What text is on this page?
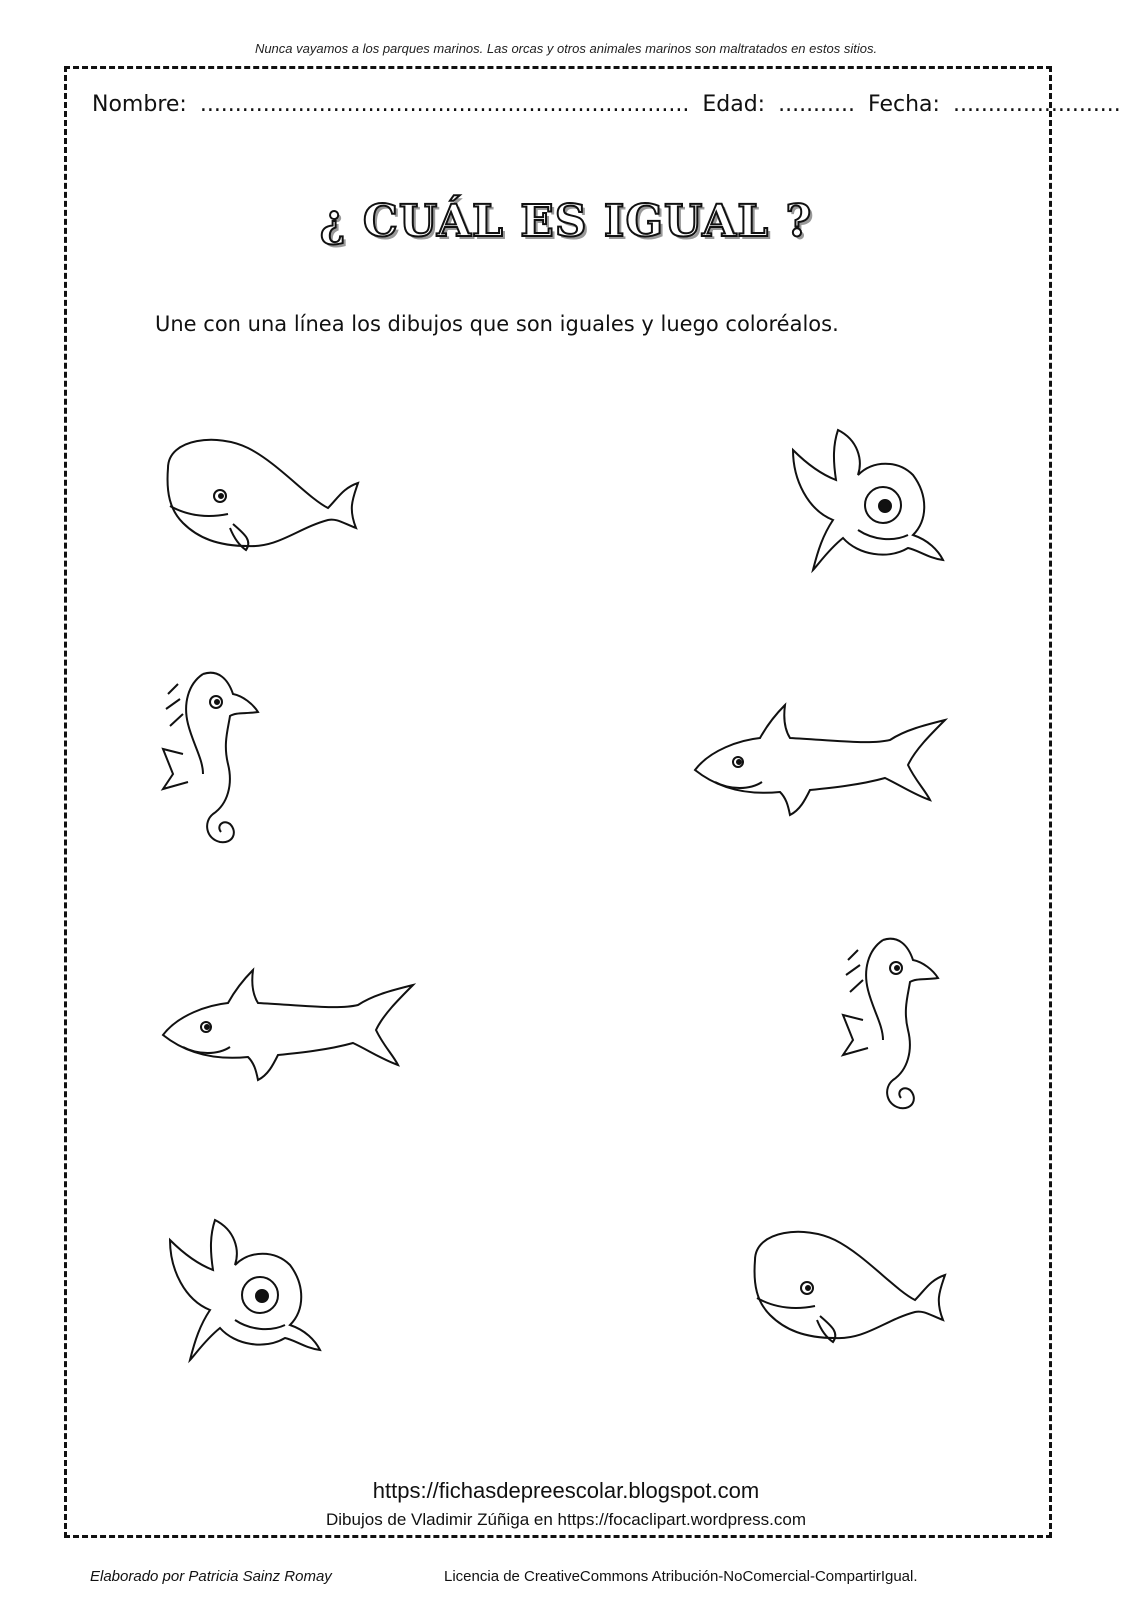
Nunca vayamos a los parques marinos. Las orcas y otros animales marinos son maltratados en estos sitios.
Nombre: ...................................................................... Edad: ........... Fecha: ........................
¿ CUÁL ES IGUAL ?
Une con una línea los dibujos que son iguales y luego coloréalos.
https://fichasdepreescolar.blogspot.com
Dibujos de Vladimir Zúñiga en https://focaclipart.wordpress.com
Elaborado por Patricia Sainz Romay	Licencia de CreativeCommons Atribución-NoComercial-CompartirIgual.
